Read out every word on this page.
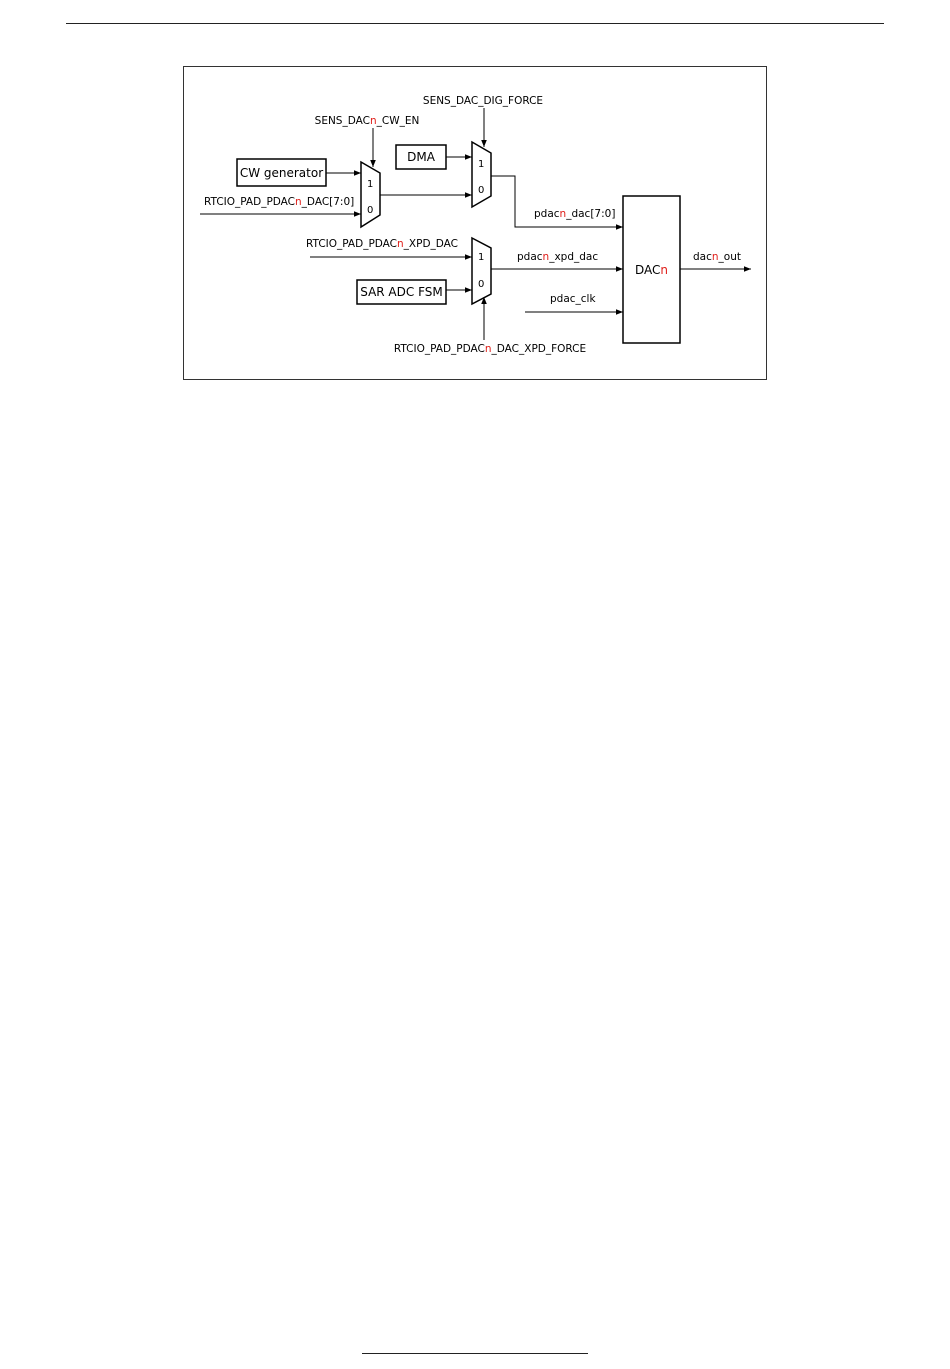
CW generator
DMA
SAR ADC FSM
DACn
1
0
1
0
1
0
SENS_DAC_DIG_FORCE
SENS_DACn_CW_EN
RTCIO_PAD_PDACn_DAC[7:0]
RTCIO_PAD_PDACn_XPD_DAC
RTCIO_PAD_PDACn_DAC_XPD_FORCE
pdacn_dac[7:0]
pdacn_xpd_dac
pdac_clk
dacn_out
